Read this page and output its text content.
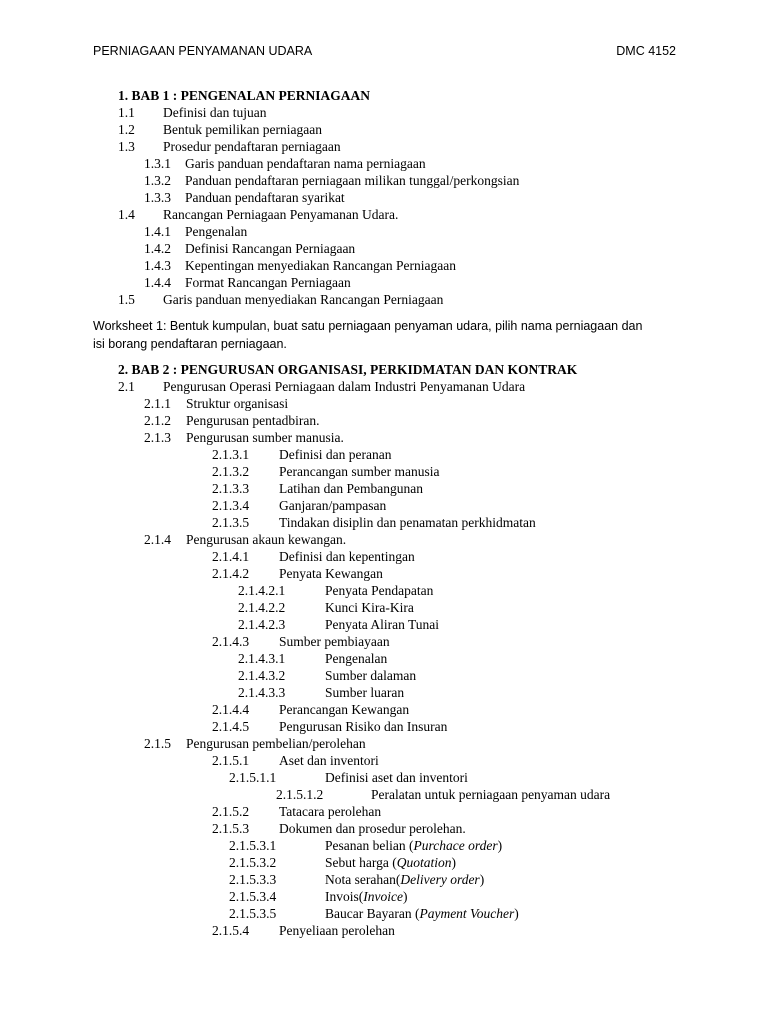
PERNIAGAAN PENYAMANAN UDARA	DMC 4152
1. BAB 1 : PENGENALAN PERNIAGAAN
1.1 Definisi dan tujuan
1.2 Bentuk pemilikan perniagaan
1.3 Prosedur pendaftaran perniagaan
1.3.1 Garis panduan pendaftaran nama perniagaan
1.3.2 Panduan pendaftaran perniagaan milikan tunggal/perkongsian
1.3.3 Panduan pendaftaran syarikat
1.4 Rancangan Perniagaan Penyamanan Udara.
1.4.1 Pengenalan
1.4.2 Definisi Rancangan Perniagaan
1.4.3 Kepentingan menyediakan Rancangan Perniagaan
1.4.4 Format Rancangan Perniagaan
1.5 Garis panduan menyediakan Rancangan Perniagaan
Worksheet 1: Bentuk kumpulan, buat satu perniagaan penyaman udara, pilih nama perniagaan dan
isi borang pendaftaran perniagaan.
2. BAB 2 : PENGURUSAN ORGANISASI, PERKIDMATAN DAN KONTRAK
2.1 Pengurusan Operasi Perniagaan dalam Industri Penyamanan Udara
2.1.1 Struktur organisasi
2.1.2 Pengurusan pentadbiran.
2.1.3 Pengurusan sumber manusia.
2.1.3.1 Definisi dan peranan
2.1.3.2 Perancangan sumber manusia
2.1.3.3 Latihan dan Pembangunan
2.1.3.4 Ganjaran/pampasan
2.1.3.5 Tindakan disiplin dan penamatan perkhidmatan
2.1.4 Pengurusan akaun kewangan.
2.1.4.1 Definisi dan kepentingan
2.1.4.2 Penyata Kewangan
2.1.4.2.1	Penyata Pendapatan
2.1.4.2.2	Kunci Kira-Kira
2.1.4.2.3	Penyata Aliran Tunai
2.1.4.3 Sumber pembiayaan
2.1.4.3.1	Pengenalan
2.1.4.3.2	Sumber dalaman
2.1.4.3.3	Sumber luaran
2.1.4.4 Perancangan Kewangan
2.1.4.5 Pengurusan Risiko dan Insuran
2.1.5 Pengurusan pembelian/perolehan
2.1.5.1 Aset dan inventori
2.1.5.1.1	Definisi aset dan inventori
2.1.5.1.2	Peralatan untuk perniagaan penyaman udara
2.1.5.2 Tatacara perolehan
2.1.5.3 Dokumen dan prosedur perolehan.
2.1.5.3.1	Pesanan belian (Purchace order)
2.1.5.3.2	Sebut harga (Quotation)
2.1.5.3.3	Nota serahan(Delivery order)
2.1.5.3.4	Invois(Invoice)
2.1.5.3.5	Baucar Bayaran (Payment Voucher)
2.1.5.4 Penyeliaan perolehan
